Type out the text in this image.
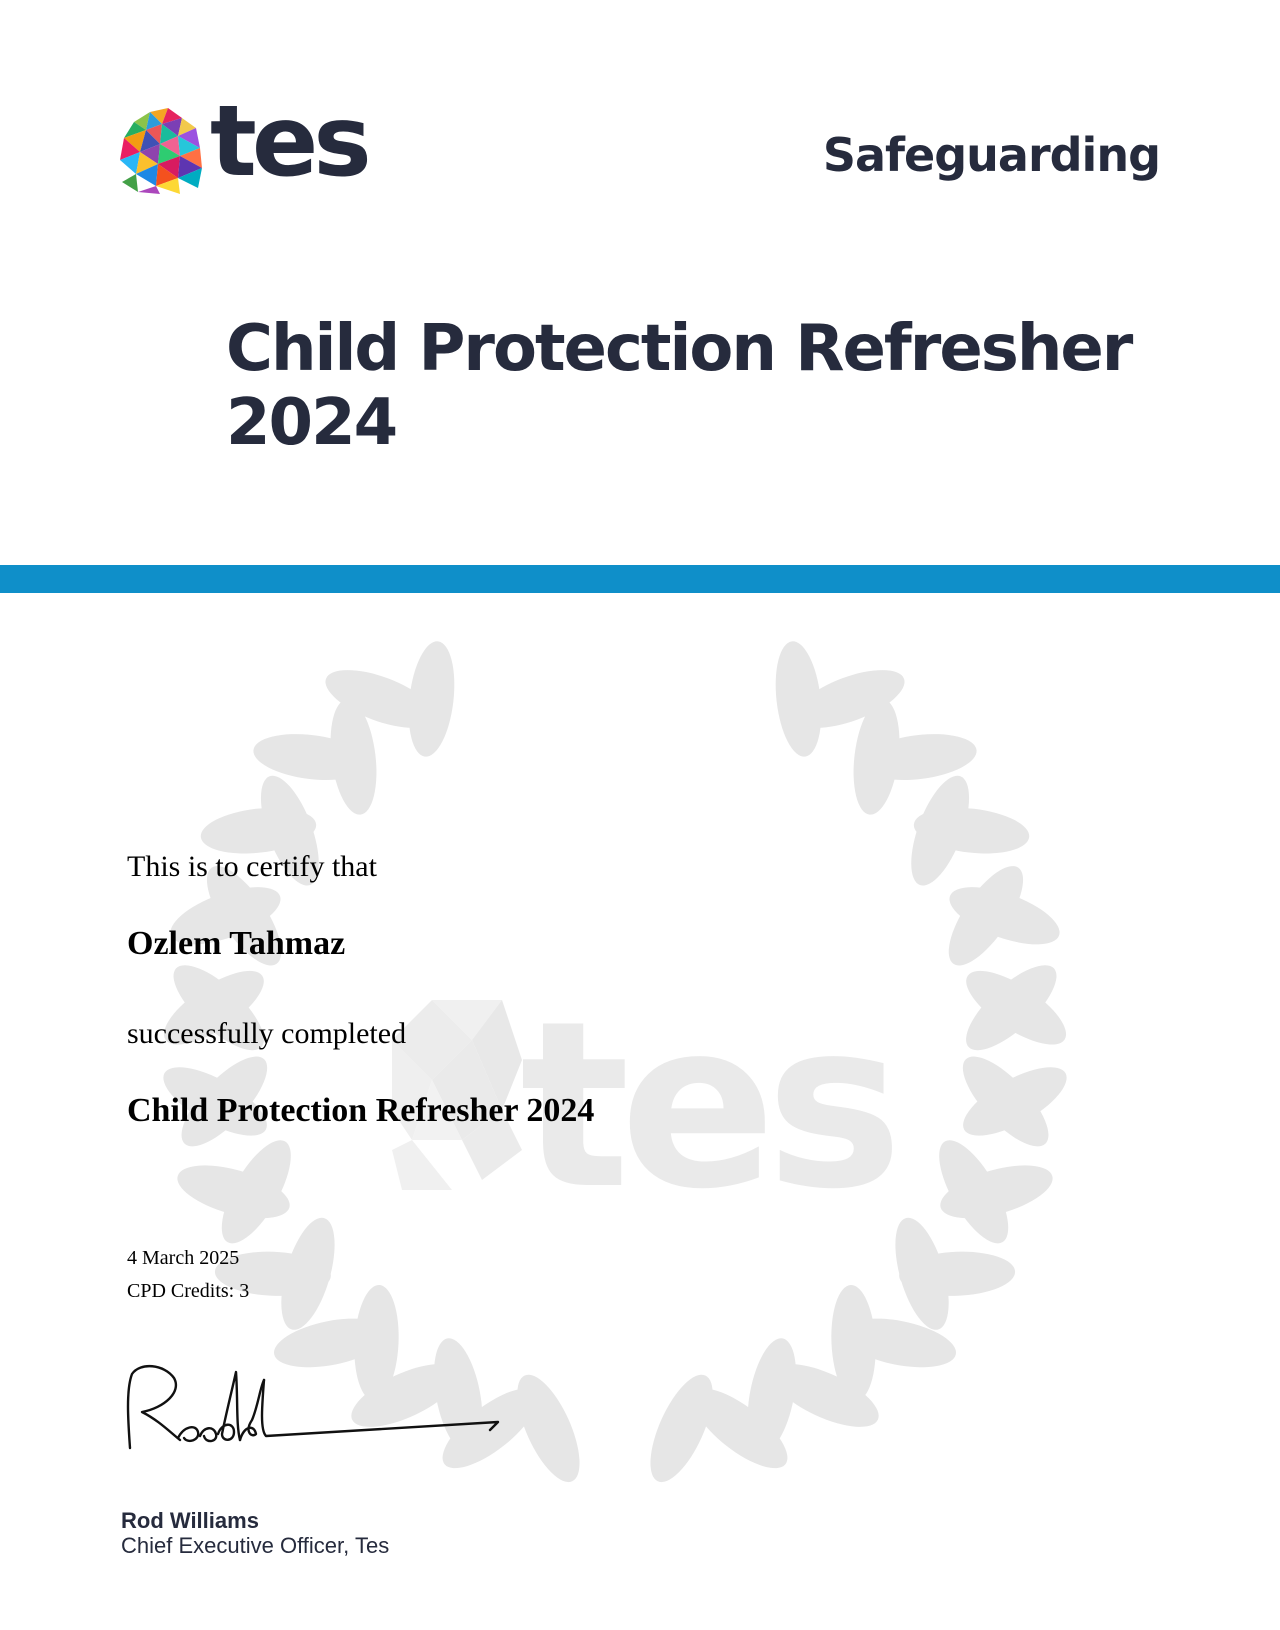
tes
tes	Safeguarding
Child Protection Refresher
2024
This is to certify that
Ozlem Tahmaz
successfully completed
Child Protection Refresher 2024
4 March 2025
CPD Credits: 3
Rod Williams
Chief Executive Officer, Tes
